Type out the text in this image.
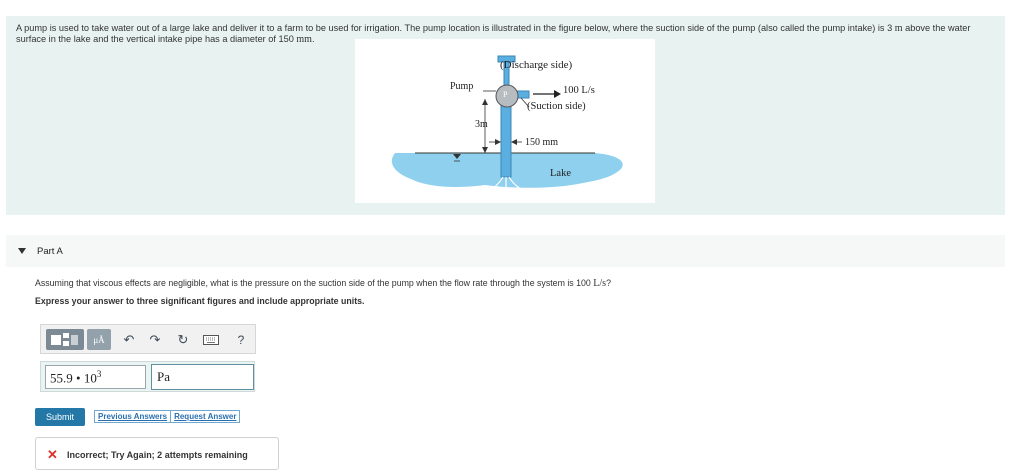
A pump is used to take water out of a large lake and deliver it to a farm to be used for irrigation. The pump location is illustrated in the figure below, where the suction side of the pump (also called the pump intake) is 3 m above the water surface in the lake and the vertical intake pipe has a diameter of 150 mm.
(Discharge side)
Pump
P	100 L/s
(Suction side)
3m
150 mm
Lake
Part A
Assuming that viscous effects are negligible, what is the pressure on the suction side of the pump when the flow rate through the system is 100 L/s?
Express your answer to three significant figures and include appropriate units.
μÅ	↶	↷	↻	?
55.9 • $10^3$	Pa
Submit	Previous Answers Request Answer
✕ Incorrect; Try Again; 2 attempts remaining
